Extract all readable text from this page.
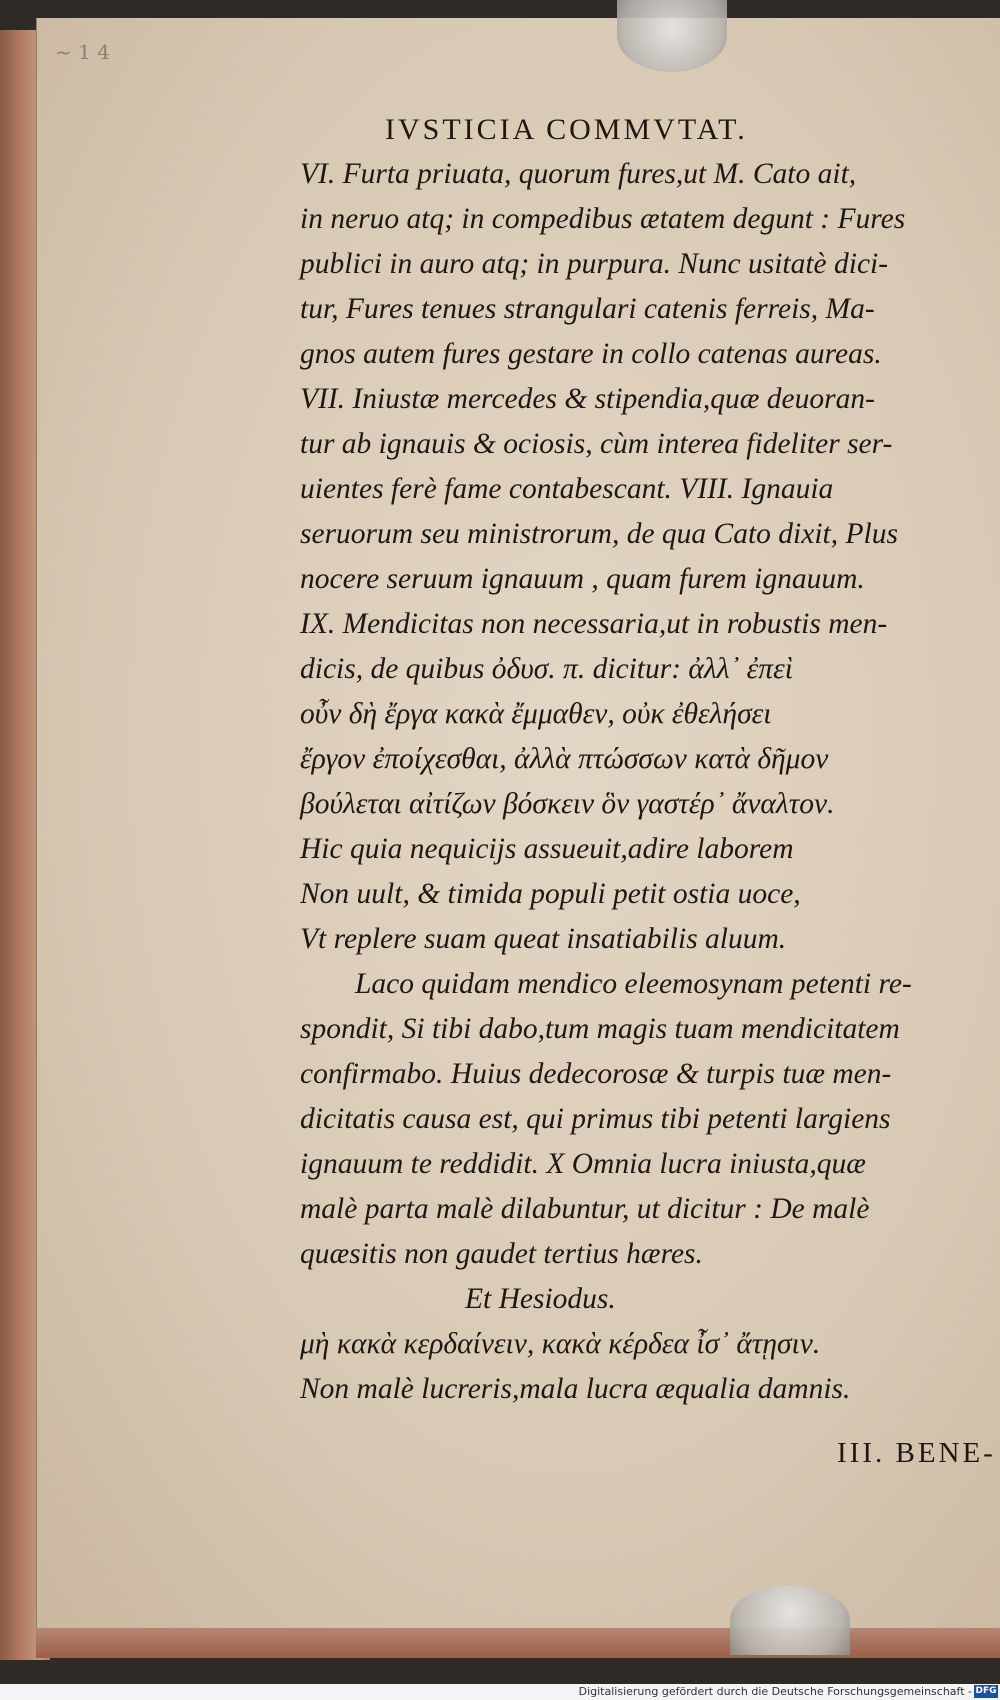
~ 1 4
IVSTICIA COMMVTAT.
VI. Furta priuata, quorum fures,ut M. Cato ait,
in neruo atq; in compedibus ætatem degunt : Fures
publici in auro atq; in purpura. Nunc usitatè dici-
tur, Fures tenues strangulari catenis ferreis, Ma-
gnos autem fures gestare in collo catenas aureas.
VII. Iniustæ mercedes & stipendia,quæ deuoran-
tur ab ignauis & ociosis, cùm interea fideliter ser-
uientes ferè fame contabescant. VIII. Ignauia
seruorum seu ministrorum, de qua Cato dixit, Plus
nocere seruum ignauum , quam furem ignauum.
IX. Mendicitas non necessaria,ut in robustis men-
dicis, de quibus ὀδυσ. π. dicitur: ἀλλ᾽ ἐπεὶ
οὖν δὴ ἔργα κακὰ ἔμμαθεν, οὐκ ἐθελήσει
ἔργον ἐποίχεσθαι, ἀλλὰ πτώσσων κατὰ δῆμον
βούλεται αἰτίζων βόσκειν ὃν γαστέρ᾽ ἄναλτον.
Hic quia nequicijs assueuit,adire laborem
Non uult, & timida populi petit ostia uoce,
Vt replere suam queat insatiabilis aluum.
Laco quidam mendico eleemosynam petenti re-
spondit, Si tibi dabo,tum magis tuam mendicitatem
confirmabo. Huius dedecorosæ & turpis tuæ men-
dicitatis causa est, qui primus tibi petenti largiens
ignauum te reddidit. X Omnia lucra iniusta,quæ
malè parta malè dilabuntur, ut dicitur : De malè
quæsitis non gaudet tertius hæres.
Et Hesiodus.
μὴ κακὰ κερδαίνειν, κακὰ κέρδεα ἶσ᾽ ἄτῃσιν.
Non malè lucreris,mala lucra æqualia damnis.
III. BENE-
Digitalisierung gefördert durch die Deutsche Forschungsgemeinschaft - DFG
